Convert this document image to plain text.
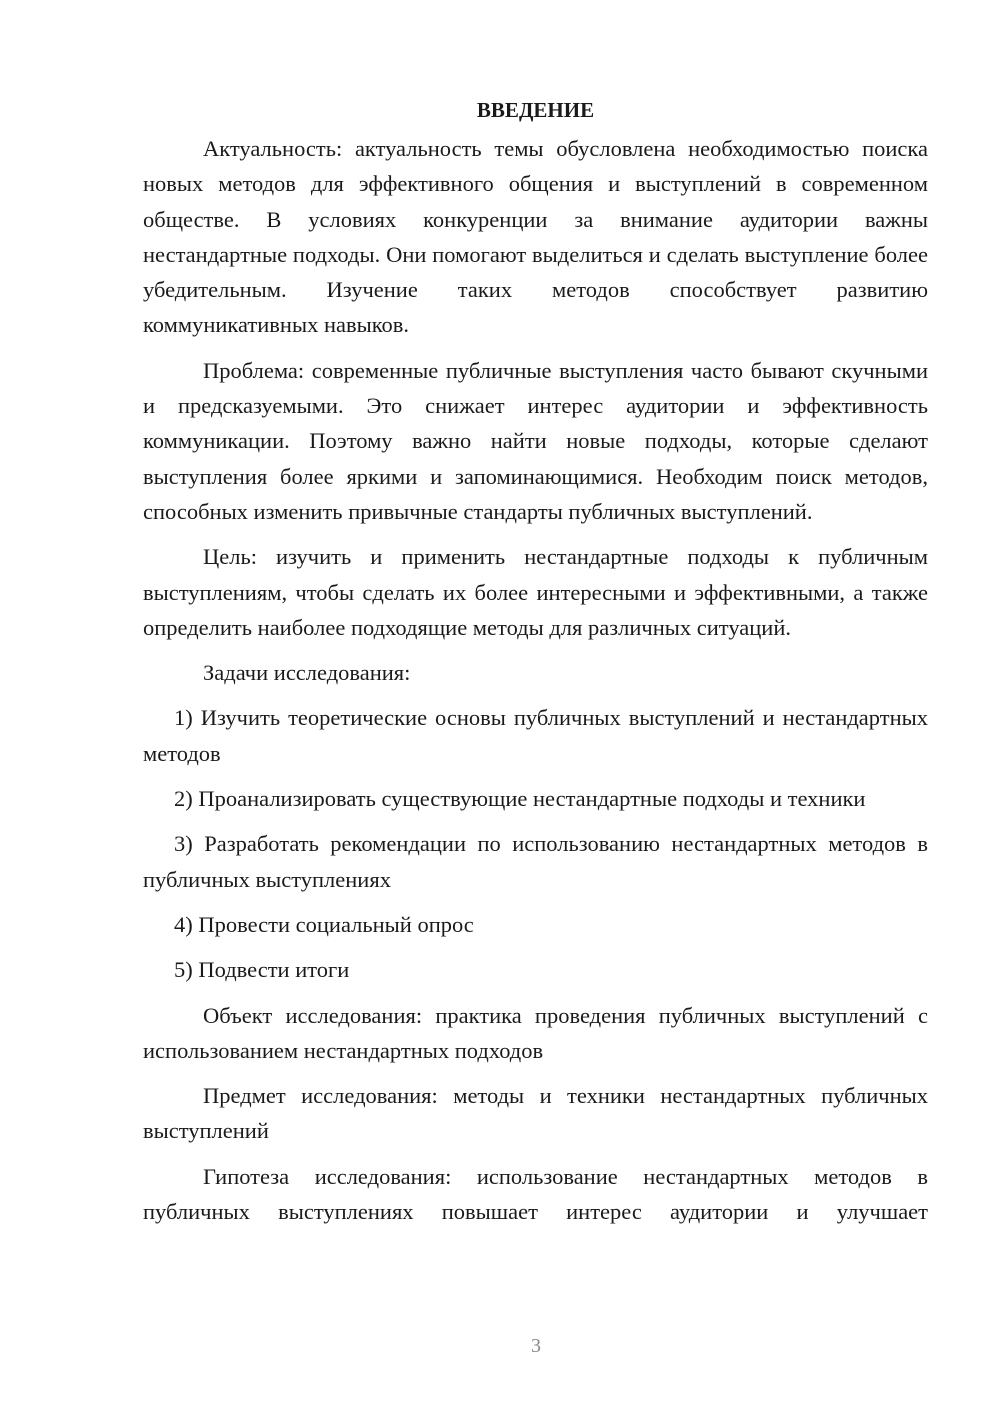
ВВЕДЕНИЕ

Актуальность: актуальность темы обусловлена необходимостью поиска новых методов для эффективного общения и выступлений в современном обществе. В условиях конкуренции за внимание аудитории важны нестандартные подходы. Они помогают выделиться и сделать выступление более убедительным. Изучение таких методов способствует развитию коммуникативных навыков.

Проблема: современные публичные выступления часто бывают скучными и предсказуемыми. Это снижает интерес аудитории и эффективность коммуникации. Поэтому важно найти новые подходы, которые сделают выступления более яркими и запоминающимися. Необходим поиск методов, способных изменить привычные стандарты публичных выступлений.

Цель: изучить и применить нестандартные подходы к публичным выступлениям, чтобы сделать их более интересными и эффективными, а также определить наиболее подходящие методы для различных ситуаций.

Задачи исследования:

1) Изучить теоретические основы публичных выступлений и нестандартных методов

2) Проанализировать существующие нестандартные подходы и техники

3) Разработать рекомендации по использованию нестандартных методов в публичных выступлениях

4) Провести социальный опрос

5) Подвести итоги

Объект исследования: практика проведения публичных выступлений с использованием нестандартных подходов

Предмет исследования: методы и техники нестандартных публичных выступлений

Гипотеза исследования: использование нестандартных методов в публичных выступлениях повышает интерес аудитории и улучшает

3
